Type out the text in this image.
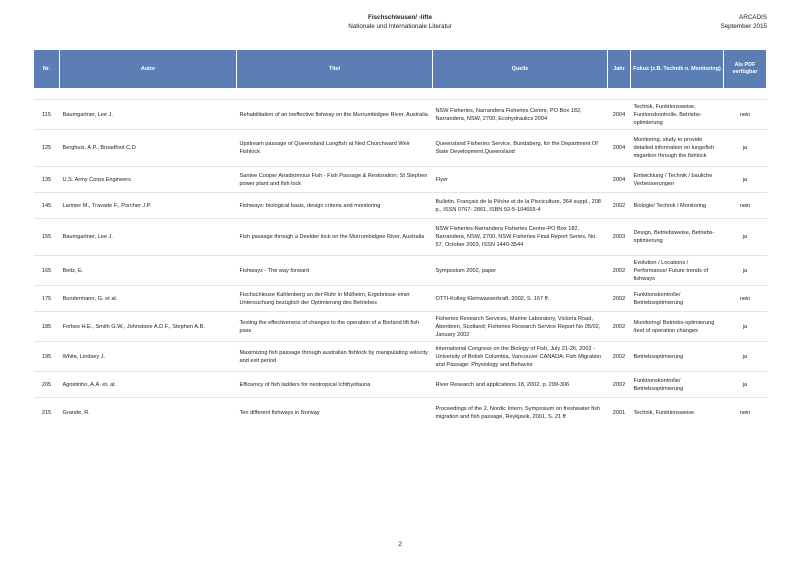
Fischschleusen/ -lifte
Nationale und Internationale Literatur
ARCADIS
September 2015
Nr.	Autor	Titel	Quelle	Jahr	Fokus (z.B. Technik o. Monitoring)	Als PDF verfügbar

115	Baumgartner, Lee J.	Rehabilitation of an ineffective fishway on the Murrumbidgee River, Australia	NSW Fisheries, Narrandera Fisheries Centre, PO Box 182, Narrandera, NSW, 2700, Ecohydraulics 2004	2004	Technik, Funktionsweise, Funtionskontrolle, Betriebs-optimierung	nein
125	Berghuis, A.P., Broadfoot C.D	Upstream passage of Queensland Lungfish at Ned Churchward Weir Fishlock	Queensland Fisheries Service, Bundaberg, for the Department Of State Development,Queensland	2004	Monitoring, study to provide detailed information on lungefish migartion through the fishlock	ja
135	U.S. Army Corps Engineers	Santee Cooper Anadromous Fish - Fish Passage & Restoration; St Stephen power plant and fish lock	Flyer	2004	Entwicklung / Technik / bauliche Verbesserungen	ja
145	Larinier M., Travade F., Porcher J.P.	Fishways: biological basis, design criteria and monitoring	Bulletin. Français de la Pêche et de la Pisciculture, 364 suppl., 208 p., ISSN 0767- 2861, ISBN 92-5-104665-4	2002	Biologie/ Technik / Monitoring	nein
155	Baumgartner, Lee J.	Fish passage through a Deelder lock on the Murrumbidgee River, Australia	NSW Fisheries-Narrandera Fisheries Centre-PO Box 182, Narrandera, NSW, 2700, NSW Fisheries Final Report Series, No. 57, October 2003, ISSN 1440-3544	2003	Design, Betriebsweise, Betriebs-optimierung	ja
165	Beitz, E.	Fishways - The way forward	Symposium 2002, paper	2002	Evolution / Locations / Performance/ Future trends of fishways	ja
175	Bundermann, G. et al.	Fischschleuse Kahlenberg an der Ruhr in Mülheim, Ergebnisse einer Untersuchung bezüglich der Optimierung des Betriebes	OTTI-Kolleg Kleinwasserkraft, 2002, S. 167 ff.	2002	Funktionskontrolle/ Betriebsoptimierung	nein
185	Forbes H.E., Smith G.W., Johnstone A.D.F., Stephen A.B.	Testing the effectiveness of changes to the operation of a Borland lift fish pass	Fisheries Research Services, Marine Laboratory, Victoria Road, Aberdeen, Scotland; Fisheries Research Service Report No 05/02, January 2002	2002	Monitoring/ Betriebs-optimierung /test of operation changes	ja
195	White, Lindsey J.	Maximizing fish passage through australian fishlock by manipulating velocity and exit period	International Congress on the Biology of Fish, July 21-26, 2002 - University of British Columbia, Vancouver CANADA; Fish Migration and Passage: Physiology and Behavior	2002	Betriebsoptimierung	ja
205	Agostinho, A.A. et. al.	Efficiency of fish ladders for neotropical Ichthyofauna	River Research and applications 18, 2002, p. 299-306	2002	Funktionskontrolle/ Betriebsoptimierung	ja
215	Grande, R.	Ten different fishways in Norway	Proceedings of the 2. Nordic Intern. Symposium on freshwater fish migration and fish passage, Reykjavik, 2001, S. 21 ff	2001	Technik, Funktionsweise	nein
2
